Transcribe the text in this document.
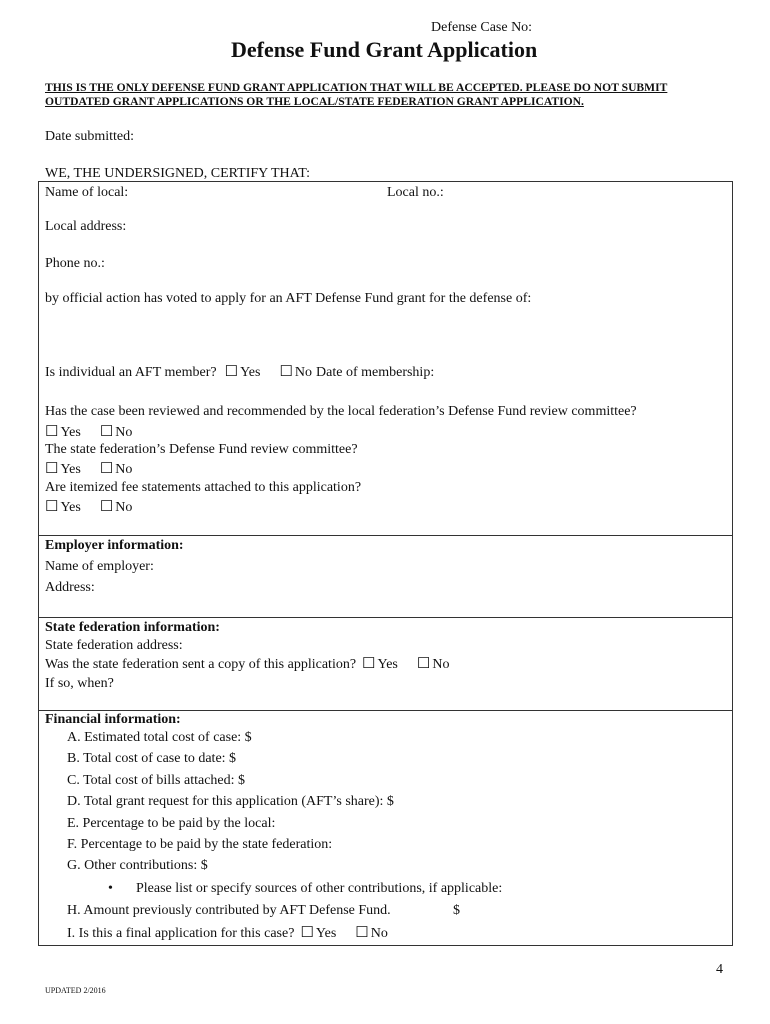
Defense Case No:
Defense Fund Grant Application
THIS IS THE ONLY DEFENSE FUND GRANT APPLICATION THAT WILL BE ACCEPTED. PLEASE DO NOT SUBMIT
OUTDATED GRANT APPLICATIONS OR THE LOCAL/STATE FEDERATION GRANT APPLICATION.
Date submitted:
WE, THE UNDERSIGNED, CERTIFY THAT:
Name of local:	Local no.:
Local address:
Phone no.:
by official action has voted to apply for an AFT Defense Fund grant for the defense of:
Is individual an AFT member? ☐ Yes ☐ No Date of membership:
Has the case been reviewed and recommended by the local federation’s Defense Fund review committee?
☐ Yes ☐ No
The state federation’s Defense Fund review committee?
☐ Yes ☐ No
Are itemized fee statements attached to this application?
☐ Yes ☐ No
Employer information:
Name of employer:
Address:
State federation information:
State federation address:
Was the state federation sent a copy of this application? ☐ Yes ☐ No
If so, when?
Financial information:
A. Estimated total cost of case: $
B. Total cost of case to date: $
C. Total cost of bills attached: $
D. Total grant request for this application (AFT’s share): $
E. Percentage to be paid by the local:
F. Percentage to be paid by the state federation:
G. Other contributions: $
• Please list or specify sources of other contributions, if applicable:
H. Amount previously contributed by AFT Defense Fund.	$
I. Is this a final application for this case? ☐ Yes ☐ No
4
UPDATED 2/2016
